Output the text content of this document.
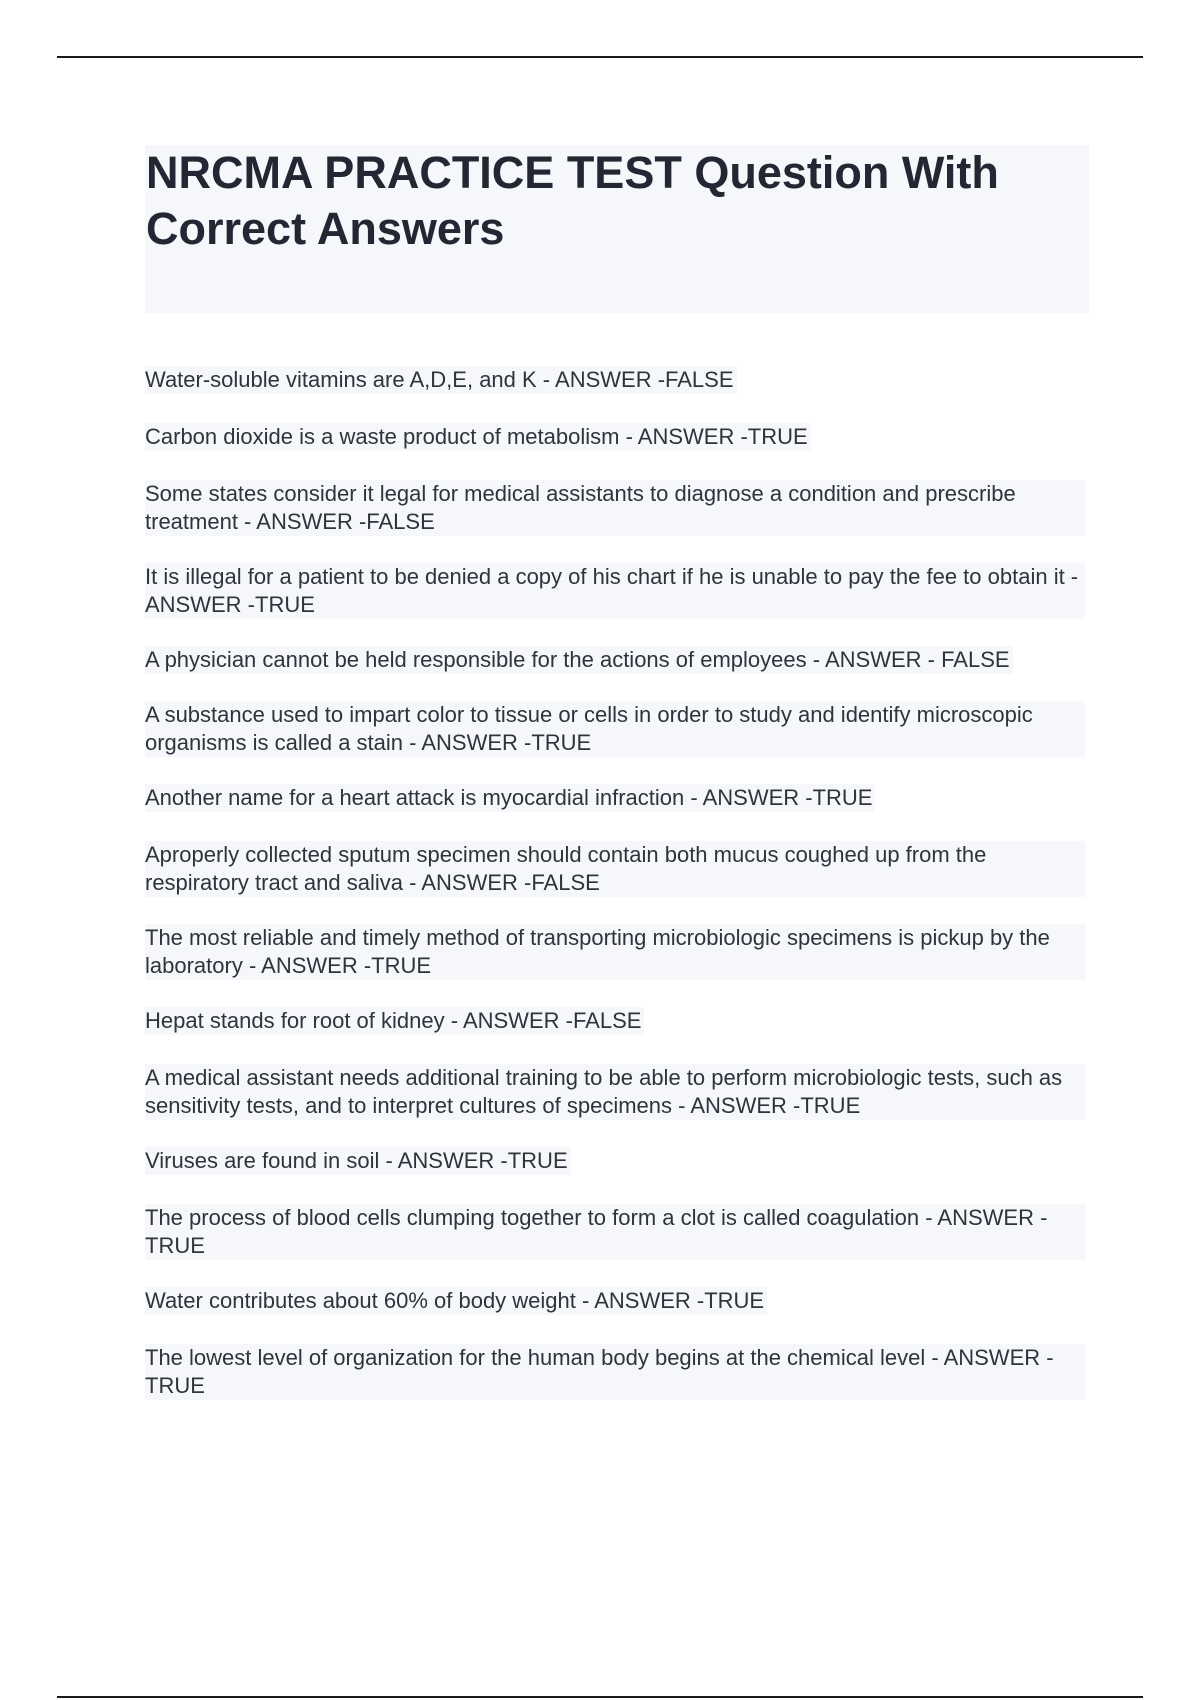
NRCMA PRACTICE TEST Question With Correct Answers
Water-soluble vitamins are A,D,E, and K - ANSWER -FALSE
Carbon dioxide is a waste product of metabolism - ANSWER -TRUE
Some states consider it legal for medical assistants to diagnose a condition and prescribe treatment - ANSWER -FALSE
It is illegal for a patient to be denied a copy of his chart if he is unable to pay the fee to obtain it - ANSWER -TRUE
A physician cannot be held responsible for the actions of employees - ANSWER - FALSE
A substance used to impart color to tissue or cells in order to study and identify microscopic organisms is called a stain - ANSWER -TRUE
Another name for a heart attack is myocardial infraction - ANSWER -TRUE
Aproperly collected sputum specimen should contain both mucus coughed up from the respiratory tract and saliva - ANSWER -FALSE
The most reliable and timely method of transporting microbiologic specimens is pickup by the laboratory - ANSWER -TRUE
Hepat stands for root of kidney - ANSWER -FALSE
A medical assistant needs additional training to be able to perform microbiologic tests, such as sensitivity tests, and to interpret cultures of specimens - ANSWER -TRUE
Viruses are found in soil - ANSWER -TRUE
The process of blood cells clumping together to form a clot is called coagulation - ANSWER -TRUE
Water contributes about 60% of body weight - ANSWER -TRUE
The lowest level of organization for the human body begins at the chemical level - ANSWER -TRUE
